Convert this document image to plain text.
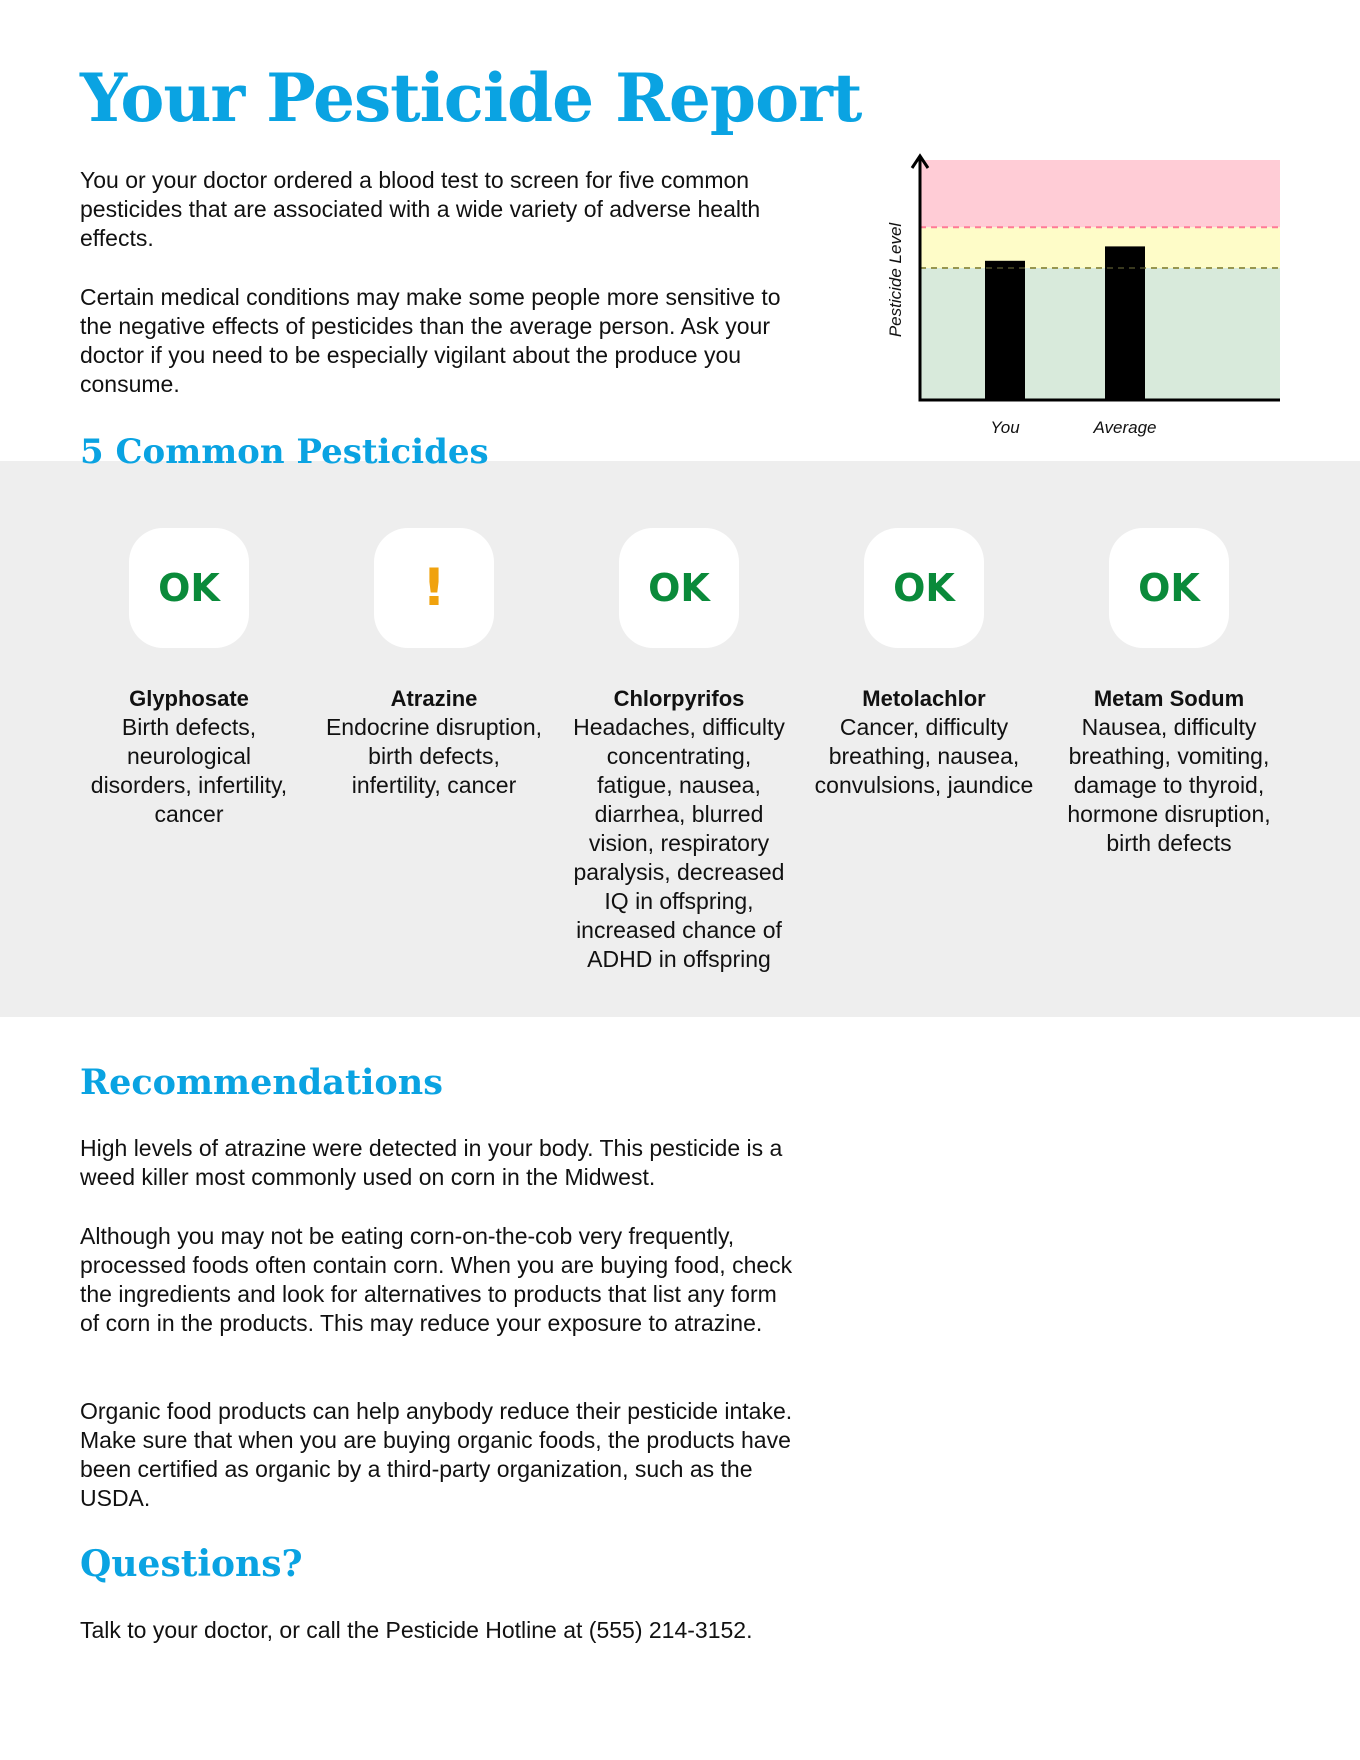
Your Pesticide Report

You or your doctor ordered a blood test to screen for five common pesticides that are associated with a wide variety of adverse health effects.

Certain medical conditions may make some people more sensitive to the negative effects of pesticides than the average person. Ask your doctor if you need to be especially vigilant about the produce you consume.

You	Average
Pesticide Level
5 Common Pesticides
OK
Glyphosate
Birth defects, neurological disorders, infertility, cancer
!
Atrazine
Endocrine disruption, birth defects, infertility, cancer
OK
Chlorpyrifos
Headaches, difficulty concentrating, fatigue, nausea, diarrhea, blurred vision, respiratory paralysis, decreased IQ in offspring, increased chance of ADHD in offspring
OK
Metolachlor
Cancer, difficulty breathing, nausea, convulsions, jaundice
OK
Metam Sodum
Nausea, difficulty breathing, vomiting, damage to thyroid, hormone disruption, birth defects
Recommendations

High levels of atrazine were detected in your body. This pesticide is a weed killer most commonly used on corn in the Midwest.

Although you may not be eating corn-on-the-cob very frequently, processed foods often contain corn. When you are buying food, check the ingredients and look for alternatives to products that list any form of corn in the products. This may reduce your exposure to atrazine.

Organic food products can help anybody reduce their pesticide intake. Make sure that when you are buying organic foods, the products have been certified as organic by a third-party organization, such as the USDA.

Questions?

Talk to your doctor, or call the Pesticide Hotline at (555) 214-3152.
